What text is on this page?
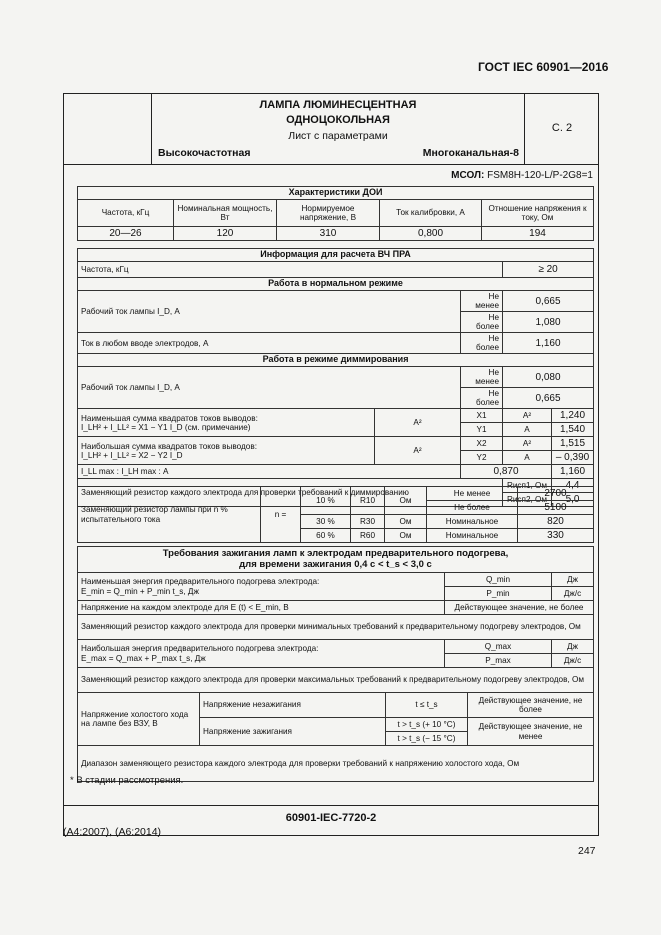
ГОСТ IEC 60901—2016
ЛАМПА ЛЮМИНЕСЦЕНТНАЯ
ОДНОЦОКОЛЬНАЯ
Лист с параметрами
Высокочастотная	Многоканальная-8
С. 2
МСОЛ: FSM8H-120-L/P-2G8=1
Характеристики ДОИ				
Частота, кГц	Номинальная мощность, Вт	Нормируемое напряжение, В	Ток калибровки, А	Отношение напряжения к току, Ом
20—26	120	310	0,800	194
Информация для расчета ВЧ ПРА				
Частота, кГц			≥ 20	
Работа в нормальном режиме				
Рабочий ток лампы I_D, А		Не менее	0,665	
		Не более	1,080	
Ток в любом вводе электродов, А		Не более	1,160	
Работа в режиме диммирования				
Рабочий ток лампы I_D, А		Не менее	0,080	
		Не более	0,665	

Наименьшая сумма квадратов токов выводов:
I_LH² + I_LL² = X1 − Y1 I_D (см. примечание)	А²	X1	А²	1,240
		Y1	А	1,540

Наибольшая сумма квадратов токов выводов:
I_LH² + I_LL² = X2 − Y2 I_D	А²	X2	А²	1,515
		Y2	А	– 0,390
I_LL max : I_LH max : А		0,870		1,160
Заменяющий резистор каждого электрода для проверки требований к диммированию			Rисп1, Ом	4,4
			Rисп2, Ом	5,0
Заменяющий резистор лампы при n % испытательного тока	n =	10 %	R10	Ом	Не менее	2700
					Не более	5100
		30 %	R30	Ом	Номинальное	820
		60 %	R60	Ом	Номинальное	330
Требования зажигания ламп к электродам предварительного подогрева,
для времени зажигания 0,4 с < t_s < 3,0 с						

Наименьшая энергия предварительного подогрева электрода:
E_min = Q_min + P_min t_s, Дж			Q_min		Дж	
			P_min		Дж/с	
Напряжение на каждом электроде для E (t) < E_min, В			Действующее значение, не более	
Заменяющий резистор каждого электрода для проверки минимальных требований к предварительному подогреву электродов, Ом	

Наибольшая энергия предварительного подогрева электрода:
E_max = Q_max + P_max t_s, Дж			Q_max		Дж	
			P_max		Дж/с	
Заменяющий резистор каждого электрода для проверки максимальных требований к предварительному подогреву электродов, Ом	
Напряжение холостого хода на лампе без ВЗУ, В	Напряжение незажигания	t ≤ t_s		Действующее значение, не более	
	Напряжение зажигания	t > t_s (+ 10 °C)		Действующее значение, не менее	
		t > t_s (− 15 °C)	
Диапазон заменяющего резистора каждого электрода для проверки требований к напряжению холостого хода, Ом	
* В стадии рассмотрения.
60901-IEC-7720-2
(A4:2007), (A6:2014)
247
